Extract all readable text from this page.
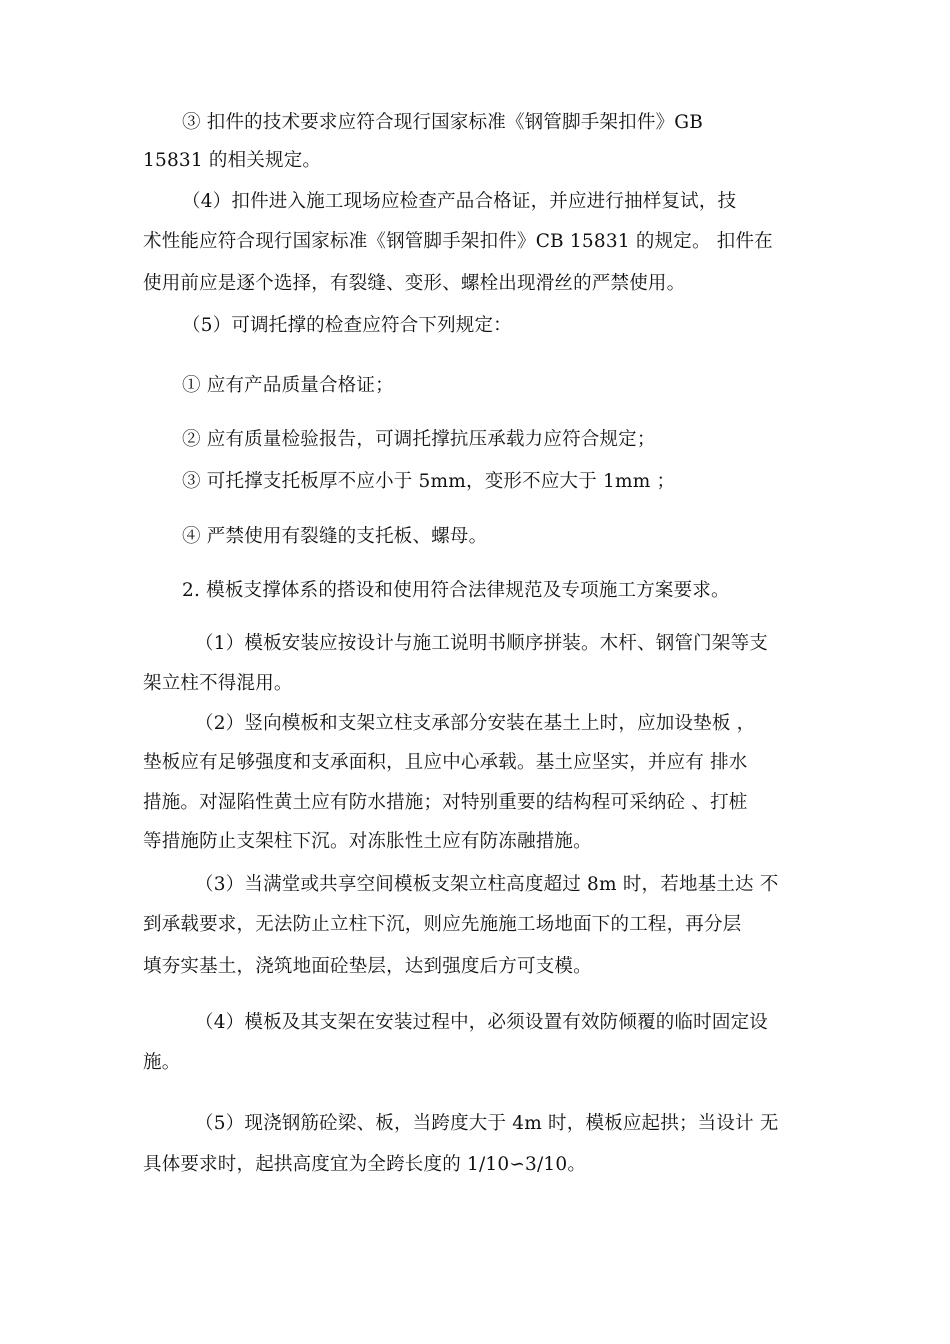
③ 扣件的技术要求应符合现行国家标准《钢管脚手架扣件》GB
15831 的相关规定。
（4）扣件进入施工现场应检查产品合格证，并应进行抽样复试，技
术性能应符合现行国家标准《钢管脚手架扣件》CB 15831 的规定。 扣件在
使用前应是逐个选择，有裂缝、变形、螺栓出现滑丝的严禁使用。
（5）可调托撑的检查应符合下列规定：
① 应有产品质量合格证；
② 应有质量检验报告，可调托撑抗压承载力应符合规定；
③ 可托撑支托板厚不应小于 5mm，变形不应大于 1mm ；
④ 严禁使用有裂缝的支托板、螺母。
2. 模板支撑体系的搭设和使用符合法律规范及专项施工方案要求。
（1）模板安装应按设计与施工说明书顺序拼装。木杆、钢管门架等支
架立柱不得混用。
（2）竖向模板和支架立柱支承部分安装在基土上时，应加设垫板 ，
垫板应有足够强度和支承面积，且应中心承载。基土应坚实，并应有 排水
措施。对湿陷性黄土应有防水措施；对特别重要的结构程可采纳砼 、打桩
等措施防止支架柱下沉。对冻胀性土应有防冻融措施。
（3）当满堂或共享空间模板支架立柱高度超过 8m 时，若地基土达 不
到承载要求，无法防止立柱下沉，则应先施施工场地面下的工程，再分层
填夯实基土，浇筑地面砼垫层，达到强度后方可支模。
（4）模板及其支架在安装过程中，必须设置有效防倾覆的临时固定设
施。
（5）现浇钢筋砼梁、板，当跨度大于 4m 时，模板应起拱；当设计 无
具体要求时，起拱高度宜为全跨长度的 1/10∽3/10。
